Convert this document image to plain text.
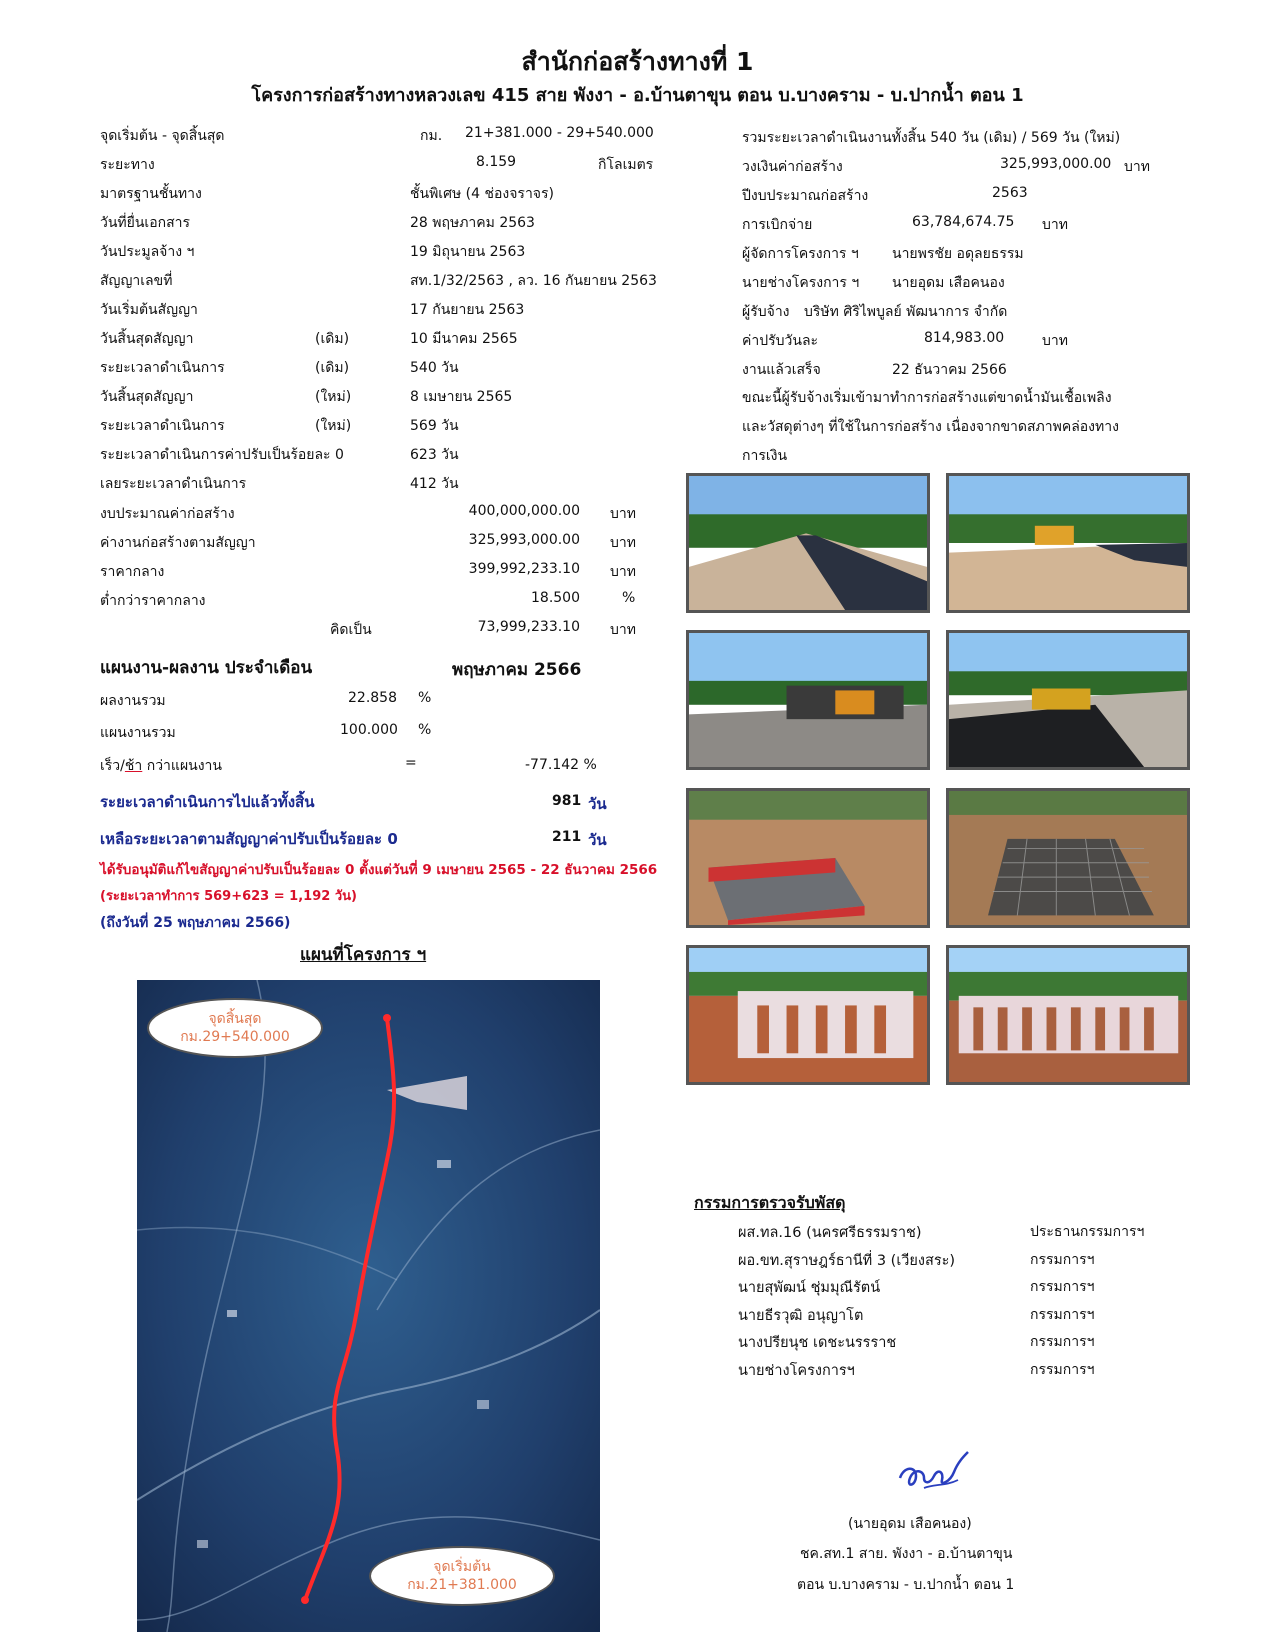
สำนักก่อสร้างทางที่ 1
โครงการก่อสร้างทางหลวงเลข 415 สาย พังงา - อ.บ้านตาขุน ตอน บ.บางคราม - บ.ปากน้ำ ตอน 1
จุดเริ่มต้น - จุดสิ้นสุด	กม. 21+381.000 - 29+540.000
ระยะทาง	8.159	กิโลเมตร
มาตรฐานชั้นทาง	ชั้นพิเศษ (4 ช่องจราจร)
วันที่ยื่นเอกสาร	28 พฤษภาคม 2563
วันประมูลจ้าง ฯ	19 มิถุนายน 2563
สัญญาเลขที่	สท.1/32/2563 , ลว. 16 กันยายน 2563
วันเริ่มต้นสัญญา	17 กันยายน 2563
วันสิ้นสุดสัญญา	(เดิม)	10 มีนาคม 2565
ระยะเวลาดำเนินการ	(เดิม)	540 วัน
วันสิ้นสุดสัญญา	(ใหม่)	8 เมษายน 2565
ระยะเวลาดำเนินการ	(ใหม่)	569 วัน
ระยะเวลาดำเนินการค่าปรับเป็นร้อยละ 0	623 วัน
เลยระยะเวลาดำเนินการ	412 วัน
งบประมาณค่าก่อสร้าง	400,000,000.00 บาท
ค่างานก่อสร้างตามสัญญา	325,993,000.00 บาท
ราคากลาง	399,992,233.10 บาท
ต่ำกว่าราคากลาง	18.500	%
คิดเป็น	73,999,233.10 บาท
รวมระยะเวลาดำเนินงานทั้งสิ้น 540 วัน (เดิม) / 569 วัน (ใหม่)
วงเงินค่าก่อสร้าง	325,993,000.00 บาท
ปีงบประมาณก่อสร้าง	2563
การเบิกจ่าย	63,784,674.75 บาท
ผู้จัดการโครงการ ฯ นายพรชัย อดุลยธรรม
นายช่างโครงการ ฯ นายอุดม เสือคนอง
ผู้รับจ้าง บริษัท ศิริไพบูลย์ พัฒนาการ จำกัด
ค่าปรับวันละ	814,983.00	บาท
งานแล้วเสร็จ	22 ธันวาคม 2566
ขณะนี้ผู้รับจ้างเริ่มเข้ามาทำการก่อสร้างแต่ขาดน้ำมันเชื้อเพลิง
และวัสดุต่างๆ ที่ใช้ในการก่อสร้าง เนื่องจากขาดสภาพคล่องทาง
การเงิน
แผนงาน-ผลงาน ประจำเดือน	พฤษภาคม 2566
ผลงานรวม	22.858 %
แผนงานรวม	100.000 %
เร็ว/ช้า กว่าแผนงาน	=	-77.142 %
ระยะเวลาดำเนินการไปแล้วทั้งสิ้น	981 วัน
เหลือระยะเวลาตามสัญญาค่าปรับเป็นร้อยละ 0	211 วัน
ได้รับอนุมัติแก้ไขสัญญาค่าปรับเป็นร้อยละ 0 ตั้งแต่วันที่ 9 เมษายน 2565 - 22 ธันวาคม 2566
(ระยะเวลาทำการ 569+623 = 1,192 วัน)
(ถึงวันที่ 25 พฤษภาคม 2566)
แผนที่โครงการ ฯ
จุดสิ้นสุด
กม.29+540.000
จุดเริ่มต้น
กม.21+381.000
กรรมการตรวจรับพัสดุ
ผส.ทล.16 (นครศรีธรรมราช)	ประธานกรรมการฯ
ผอ.ขท.สุราษฎร์ธานีที่ 3 (เวียงสระ)	กรรมการฯ
นายสุพัฒน์ ชุ่มมุณีรัตน์	กรรมการฯ
นายธีรวุฒิ อนุญาโต	กรรมการฯ
นางปรียนุช เดชะนรรราช	กรรมการฯ
นายช่างโครงการฯ	กรรมการฯ
(นายอุดม เสือคนอง)
ชค.สท.1 สาย. พังงา - อ.บ้านตาขุน
ตอน บ.บางคราม - บ.ปากน้ำ ตอน 1
